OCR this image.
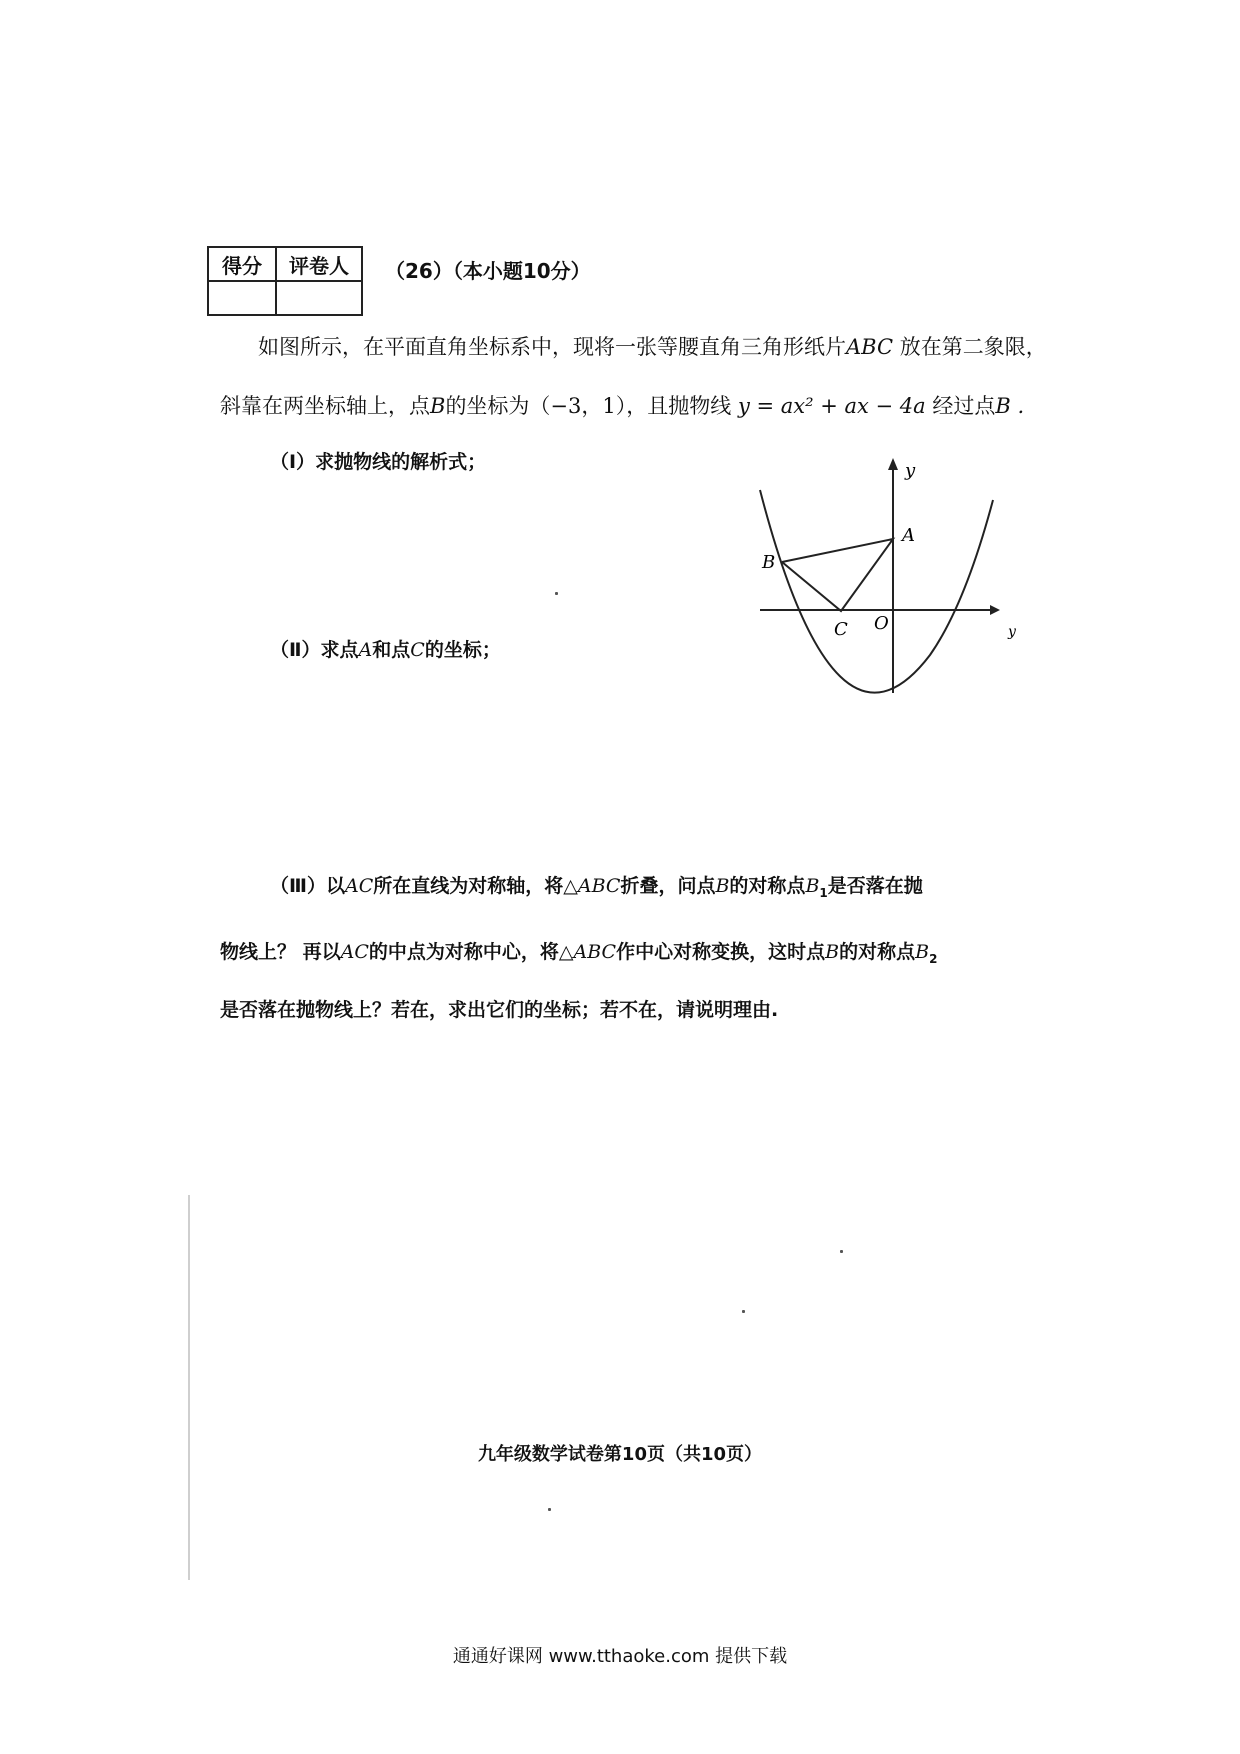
得分	评卷人
	（26）（本小题10分）
如图所示，在平面直角坐标系中，现将一张等腰直角三角形纸片ABC 放在第二象限，
斜靠在两坐标轴上，点B的坐标为（−3，1），且抛物线 y = ax² + ax − 4a 经过点B .
（Ⅰ）求抛物线的解析式；
（Ⅱ）求点A和点C的坐标；
（Ⅲ）以AC所在直线为对称轴，将△ABC折叠，问点B的对称点$B_1$是否落在抛
物线上？ 再以AC的中点为对称中心，将△ABC作中心对称变换，这时点B的对称点$B_2$
是否落在抛物线上？若在，求出它们的坐标；若不在，请说明理由.
y
y
A
B
C O
九年级数学试卷第10页（共10页）
通通好课网 www.tthaoke.com 提供下载
